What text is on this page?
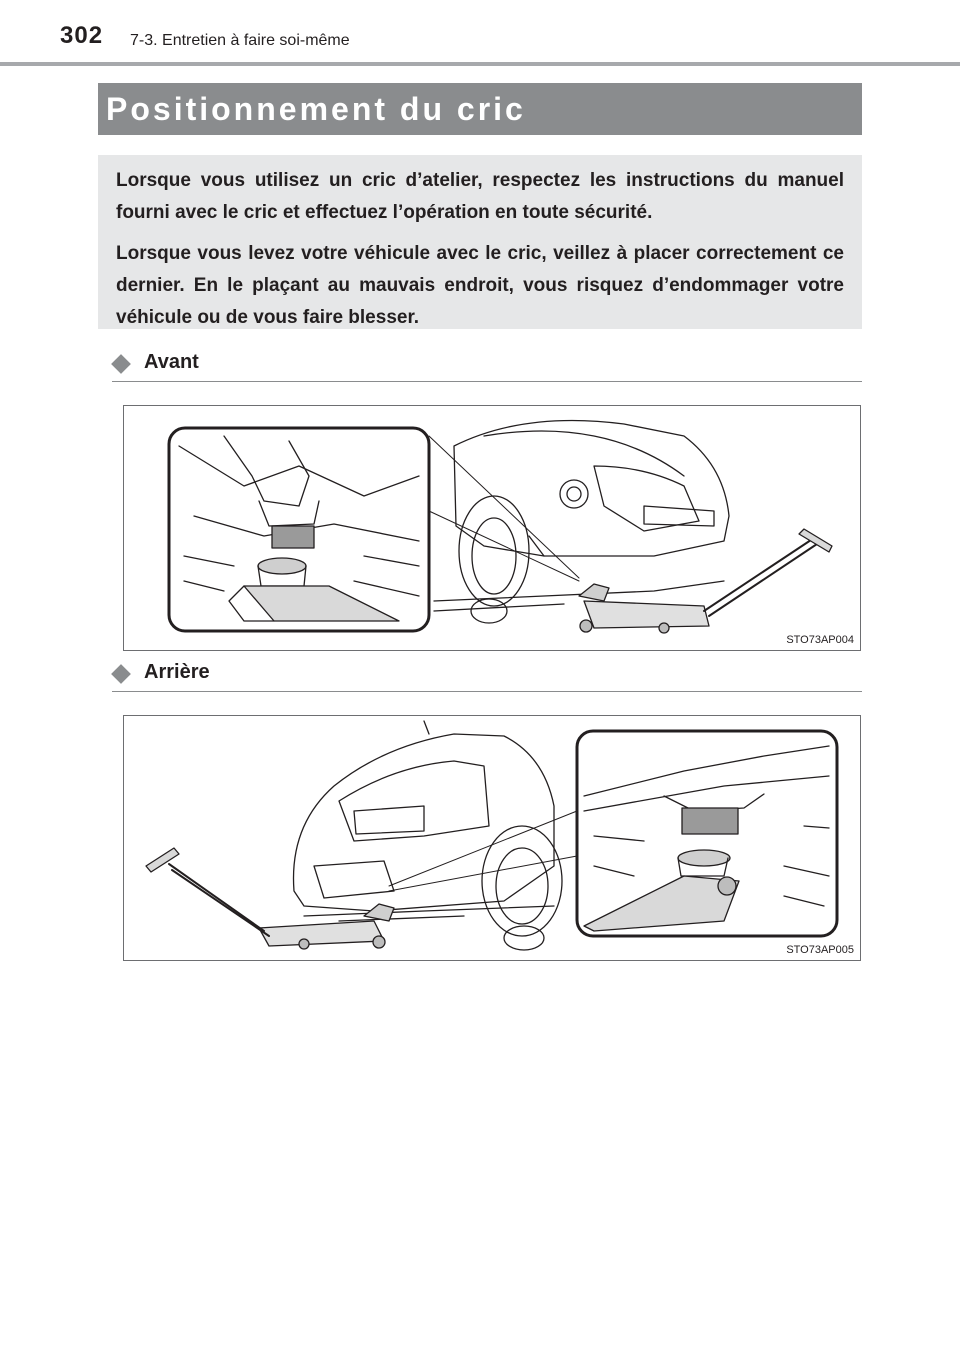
302 7-3. Entretien à faire soi-même
Positionnement du cric

Lorsque vous utilisez un cric d’atelier, respectez les instructions du manuel fourni avec le cric et effectuez l’opération en toute sécurité.

Lorsque vous levez votre véhicule avec le cric, veillez à placer correctement ce dernier. En le plaçant au mauvais endroit, vous risquez d’endommager votre véhicule ou de vous faire blesser.

Avant
STO73AP004
Arrière
STO73AP005
